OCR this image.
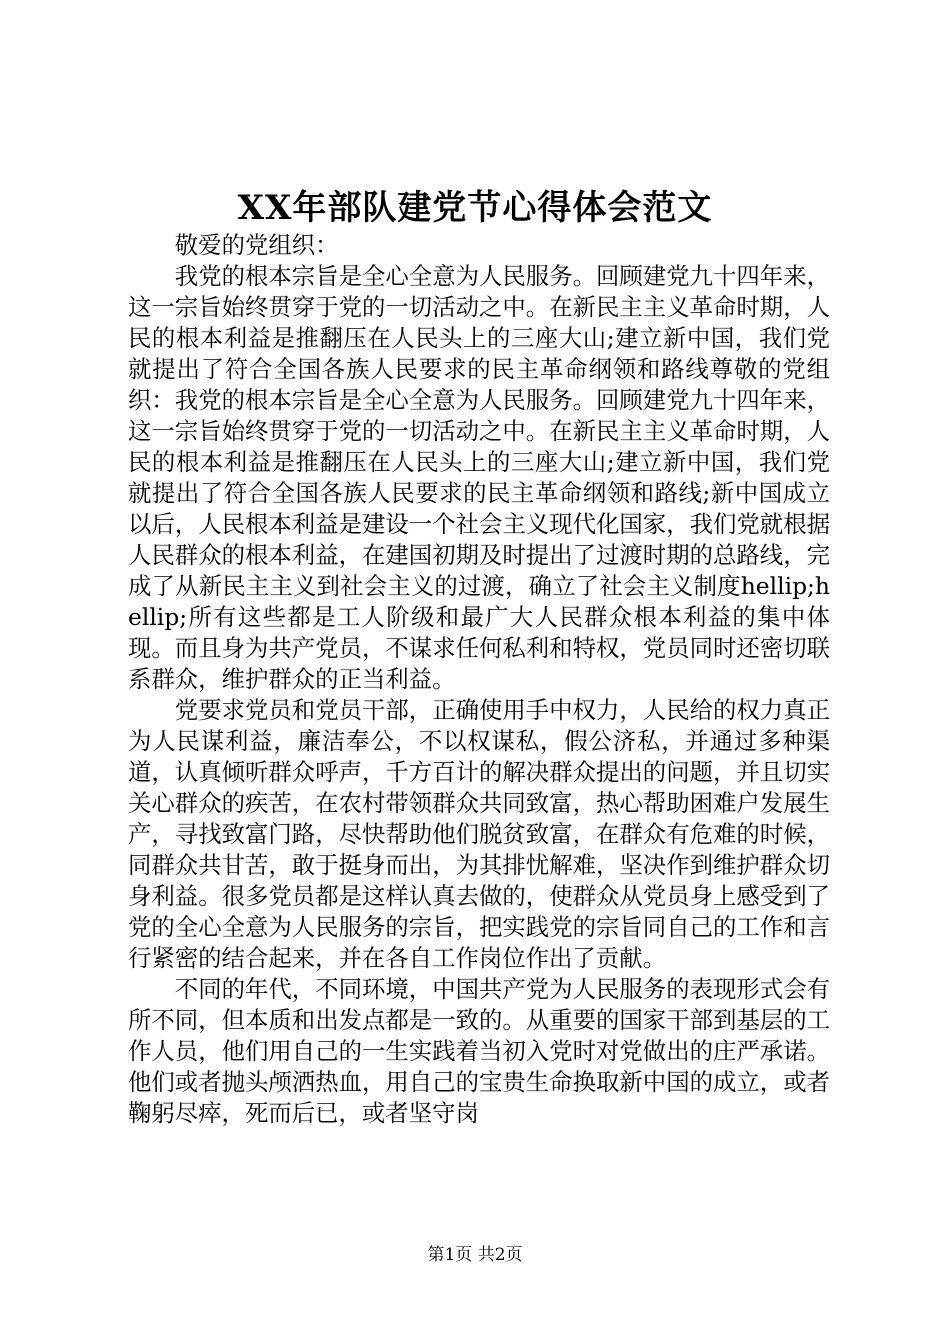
XX年部队建党节心得体会范文

敬爱的党组织：

我党的根本宗旨是全心全意为人民服务。回顾建党九十四年来，这一宗旨始终贯穿于党的一切活动之中。在新民主主义革命时期，人民的根本利益是推翻压在人民头上的三座大山;建立新中国，我们党就提出了符合全国各族人民要求的民主革命纲领和路线尊敬的党组织：我党的根本宗旨是全心全意为人民服务。回顾建党九十四年来，这一宗旨始终贯穿于党的一切活动之中。在新民主主义革命时期，人民的根本利益是推翻压在人民头上的三座大山;建立新中国，我们党就提出了符合全国各族人民要求的民主革命纲领和路线;新中国成立以后，人民根本利益是建设一个社会主义现代化国家，我们党就根据人民群众的根本利益，在建国初期及时提出了过渡时期的总路线，完成了从新民主主义到社会主义的过渡，确立了社会主义制度hellip;hellip;所有这些都是工人阶级和最广大人民群众根本利益的集中体现。而且身为共产党员，不谋求任何私利和特权，党员同时还密切联系群众，维护群众的正当利益。

党要求党员和党员干部，正确使用手中权力，人民给的权力真正为人民谋利益，廉洁奉公，不以权谋私，假公济私，并通过多种渠道，认真倾听群众呼声，千方百计的解决群众提出的问题，并且切实关心群众的疾苦，在农村带领群众共同致富，热心帮助困难户发展生产，寻找致富门路，尽快帮助他们脱贫致富，在群众有危难的时候，同群众共甘苦，敢于挺身而出，为其排忧解难，坚决作到维护群众切身利益。很多党员都是这样认真去做的，使群众从党员身上感受到了党的全心全意为人民服务的宗旨，把实践党的宗旨同自己的工作和言行紧密的结合起来，并在各自工作岗位作出了贡献。

不同的年代，不同环境，中国共产党为人民服务的表现形式会有所不同，但本质和出发点都是一致的。从重要的国家干部到基层的工作人员，他们用自己的一生实践着当初入党时对党做出的庄严承诺。他们或者抛头颅洒热血，用自己的宝贵生命换取新中国的成立，或者鞠躬尽瘁，死而后已，或者坚守岗

第1页 共2页
